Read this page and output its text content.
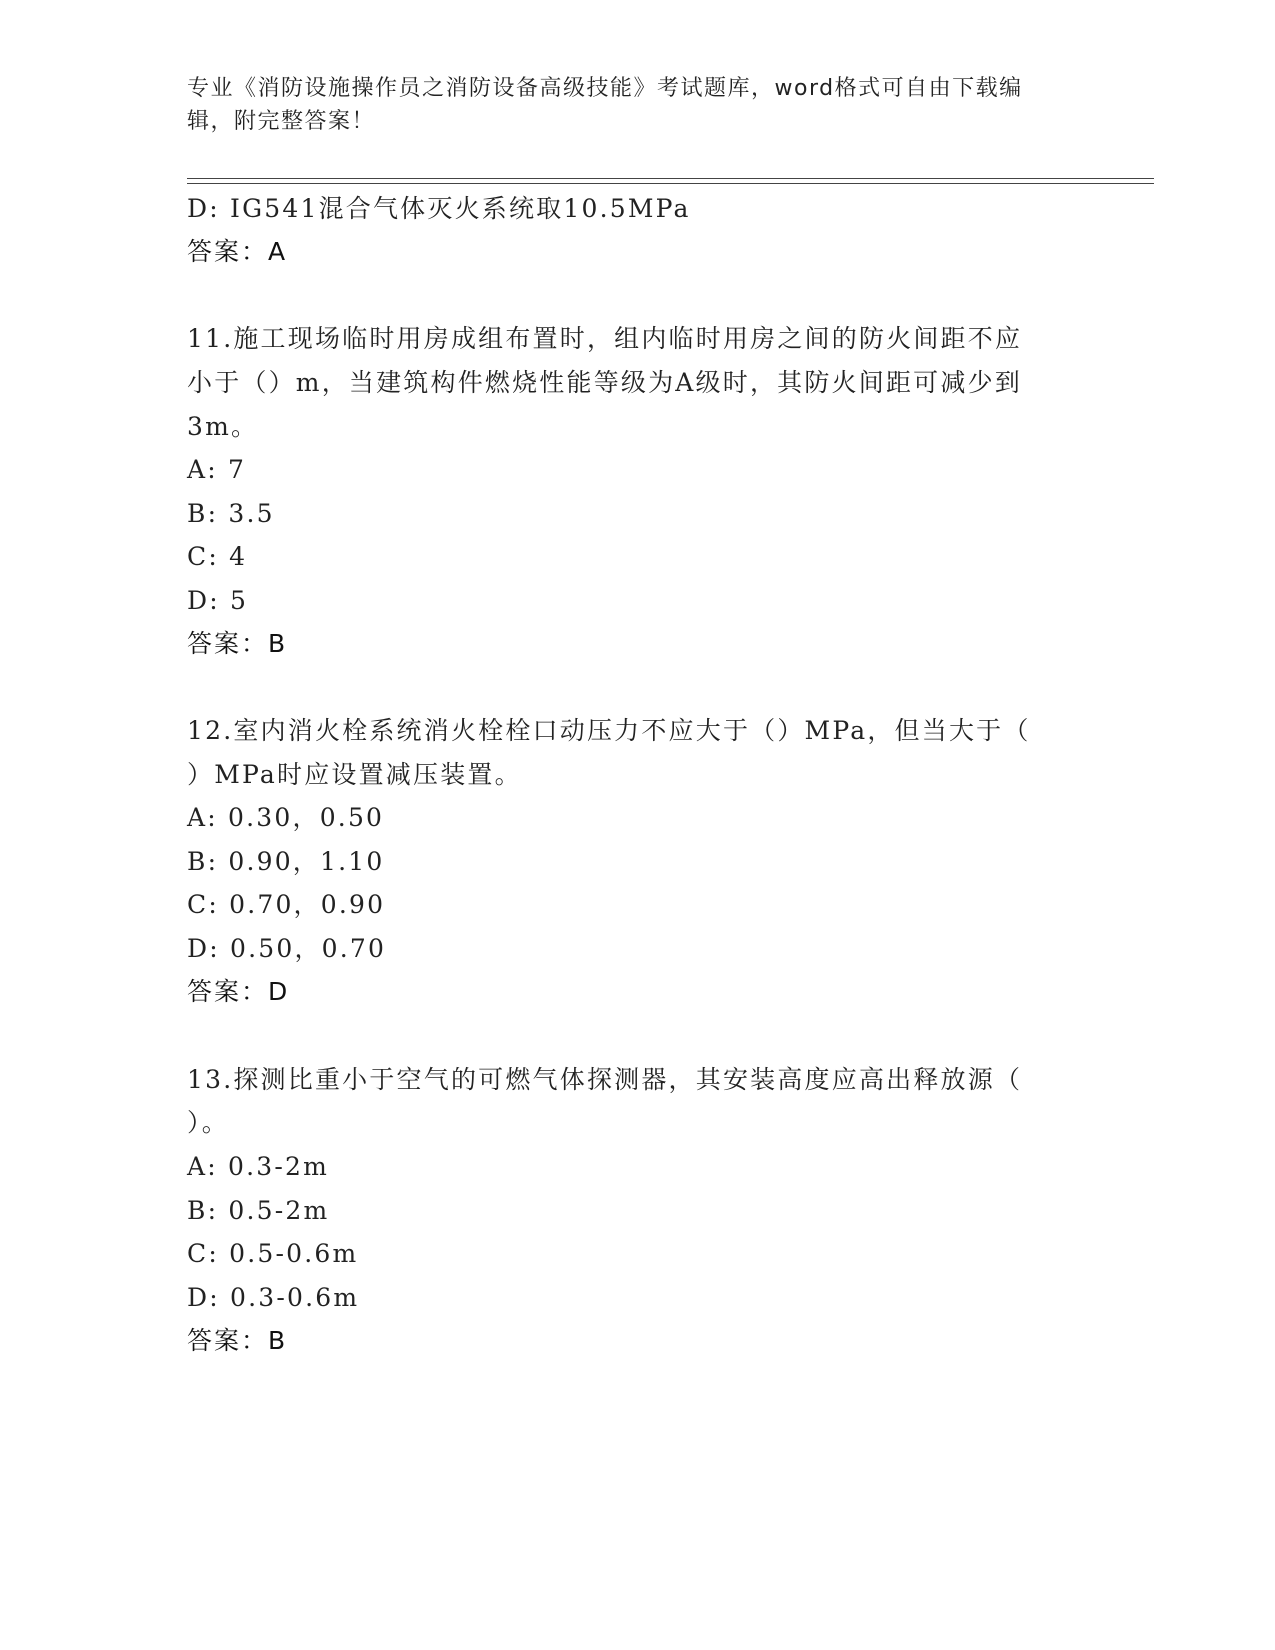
专业《消防设施操作员之消防设备高级技能》考试题库，word格式可自由下载编
辑，附完整答案！
D: IG541混合气体灭火系统取10.5MPa
答案：A
11.施工现场临时用房成组布置时，组内临时用房之间的防火间距不应
小于（）m，当建筑构件燃烧性能等级为A级时，其防火间距可减少到
3m。
A: 7
B: 3.5
C: 4
D: 5
答案：B
12.室内消火栓系统消火栓栓口动压力不应大于（）MPa，但当大于（
）MPa时应设置减压装置。
A: 0.30，0.50
B: 0.90，1.10
C: 0.70，0.90
D: 0.50，0.70
答案：D
13.探测比重小于空气的可燃气体探测器，其安装高度应高出释放源（
）。
A: 0.3-2m
B: 0.5-2m
C: 0.5-0.6m
D: 0.3-0.6m
答案：B
